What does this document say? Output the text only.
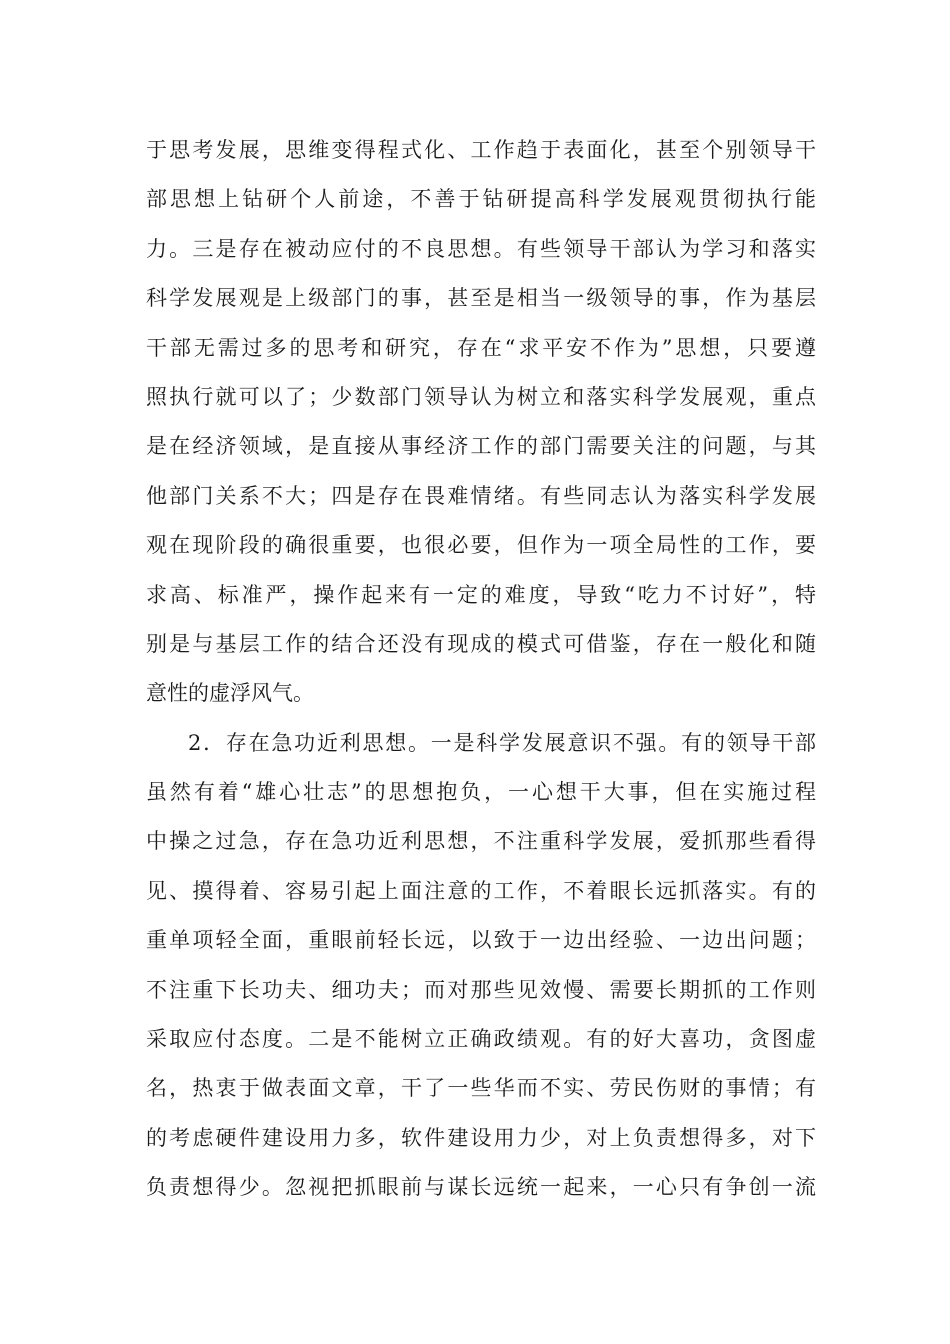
于思考发展，思维变得程式化、工作趋于表面化，甚至个别领导干
部思想上钻研个人前途，不善于钻研提高科学发展观贯彻执行能
力。三是存在被动应付的不良思想。有些领导干部认为学习和落实
科学发展观是上级部门的事，甚至是相当一级领导的事，作为基层
干部无需过多的思考和研究，存在“求平安不作为”思想，只要遵
照执行就可以了；少数部门领导认为树立和落实科学发展观，重点
是在经济领域，是直接从事经济工作的部门需要关注的问题，与其
他部门关系不大；四是存在畏难情绪。有些同志认为落实科学发展
观在现阶段的确很重要，也很必要，但作为一项全局性的工作，要
求高、标准严，操作起来有一定的难度，导致“吃力不讨好”，特
别是与基层工作的结合还没有现成的模式可借鉴，存在一般化和随
意性的虚浮风气。
2．存在急功近利思想。一是科学发展意识不强。有的领导干部
虽然有着“雄心壮志”的思想抱负，一心想干大事，但在实施过程
中操之过急，存在急功近利思想，不注重科学发展，爱抓那些看得
见、摸得着、容易引起上面注意的工作，不着眼长远抓落实。有的
重单项轻全面，重眼前轻长远，以致于一边出经验、一边出问题；
不注重下长功夫、细功夫；而对那些见效慢、需要长期抓的工作则
采取应付态度。二是不能树立正确政绩观。有的好大喜功，贪图虚
名，热衷于做表面文章，干了一些华而不实、劳民伤财的事情；有
的考虑硬件建设用力多，软件建设用力少，对上负责想得多，对下
负责想得少。忽视把抓眼前与谋长远统一起来，一心只有争创一流
